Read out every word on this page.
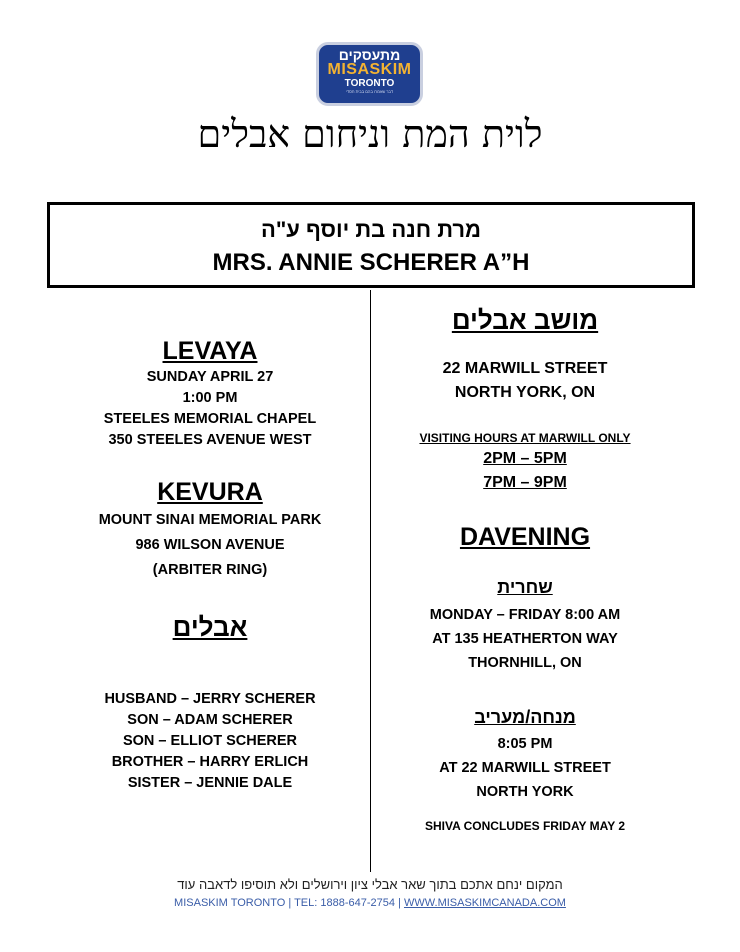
מתעסקים
MISASKIM
TORONTO
דבר שאמרו בהם בבית חסדי
לוית המת וניחום אבלים
מרת חנה בת יוסף ע"ה
MRS. ANNIE SCHERER A”H
LEVAYA
SUNDAY APRIL 27
1:00 PM
STEELES MEMORIAL CHAPEL
350 STEELES AVENUE WEST
KEVURA
MOUNT SINAI MEMORIAL PARK
986 WILSON AVENUE
(ARBITER RING)
אבלים
HUSBAND – JERRY SCHERER
SON – ADAM SCHERER
SON – ELLIOT SCHERER
BROTHER – HARRY ERLICH
SISTER – JENNIE DALE
מושב אבלים
22 MARWILL STREET
NORTH YORK, ON
VISITING HOURS AT MARWILL ONLY
2PM – 5PM
7PM – 9PM
DAVENING
שחרית
MONDAY – FRIDAY 8:00 AM
AT 135 HEATHERTON WAY
THORNHILL, ON
מנחה/מעריב
8:05 PM
AT 22 MARWILL STREET
NORTH YORK
SHIVA CONCLUDES FRIDAY MAY 2
המקום ינחם אתכם בתוך שאר אבלי ציון וירושלים ולא תוסיפו לדאבה עוד
MISASKIM TORONTO | TEL: 1888-647-2754 | WWW.MISASKIMCANADA.COM
